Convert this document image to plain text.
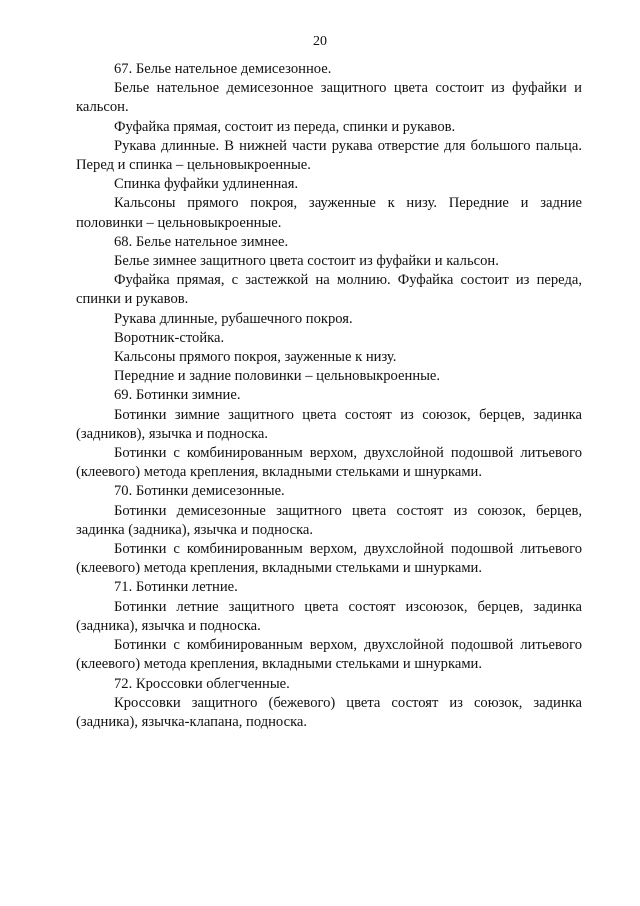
20

67. Белье нательное демисезонное.

Белье нательное демисезонное защитного цвета состоит из фуфайки и кальсон.

Фуфайка прямая, состоит из переда, спинки и рукавов.

Рукава длинные. В нижней части рукава отверстие для большого пальца. Перед и спинка – цельновыкроенные.

Спинка фуфайки удлиненная.

Кальсоны прямого покроя, зауженные к низу. Передние и задние половинки – цельновыкроенные.

68. Белье нательное зимнее.

Белье зимнее защитного цвета состоит из фуфайки и кальсон.

Фуфайка прямая, с застежкой на молнию. Фуфайка состоит из переда, спинки и рукавов.

Рукава длинные, рубашечного покроя.

Воротник-стойка.

Кальсоны прямого покроя, зауженные к низу.

Передние и задние половинки – цельновыкроенные.

69. Ботинки зимние.

Ботинки зимние защитного цвета состоят из союзок, берцев, задинка (задников), язычка и подноска.

Ботинки с комбинированным верхом, двухслойной подошвой литьевого (клеевого) метода крепления, вкладными стельками и шнурками.

70. Ботинки демисезонные.

Ботинки демисезонные защитного цвета состоят из союзок, берцев, задинка (задника), язычка и подноска.

Ботинки с комбинированным верхом, двухслойной подошвой литьевого (клеевого) метода крепления, вкладными стельками и шнурками.

71. Ботинки летние.

Ботинки летние защитного цвета состоят изсоюзок, берцев, задинка (задника), язычка и подноска.

Ботинки с комбинированным верхом, двухслойной подошвой литьевого (клеевого) метода крепления, вкладными стельками и шнурками.

72. Кроссовки облегченные.

Кроссовки защитного (бежевого) цвета состоят из союзок, задинка (задника), язычка-клапана, подноска.
